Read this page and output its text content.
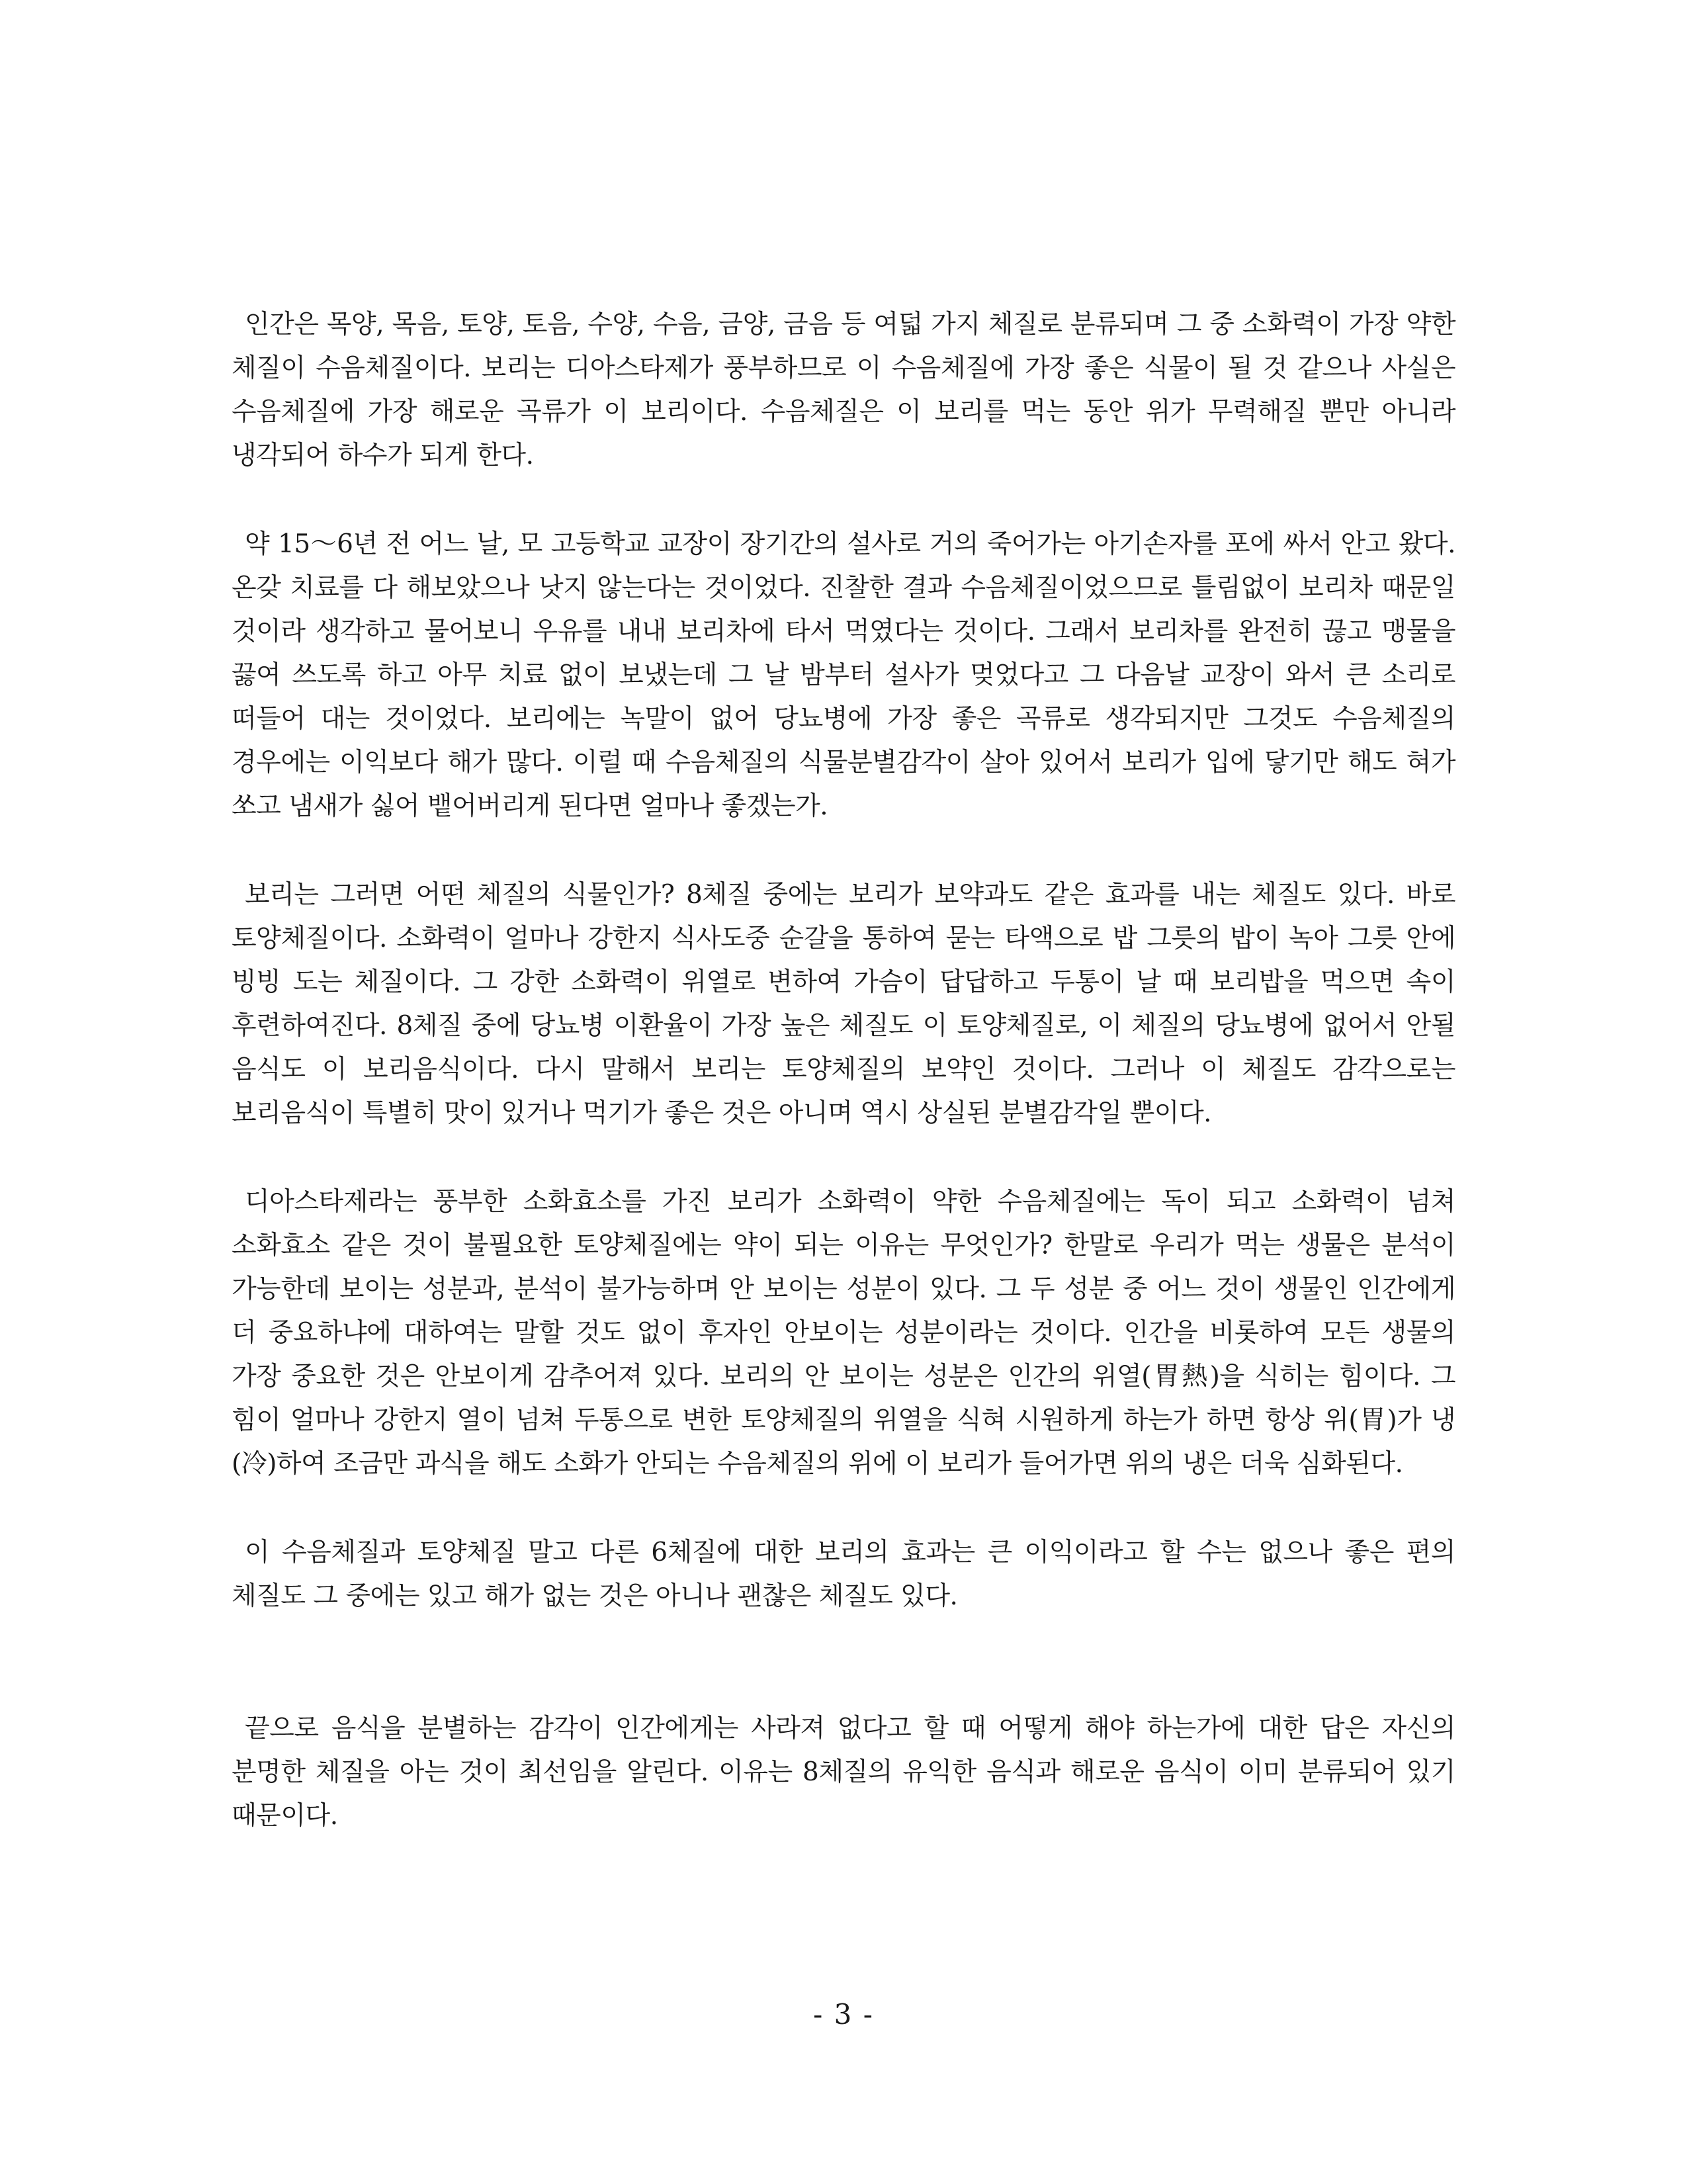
인간은 목양, 목음, 토양, 토음, 수양, 수음, 금양, 금음 등 여덟 가지 체질로 분류되며 그 중 소화력이 가장 약한 체질이 수음체질이다. 보리는 디아스타제가 풍부하므로 이 수음체질에 가장 좋은 식물이 될 것 같으나 사실은 수음체질에 가장 해로운 곡류가 이 보리이다. 수음체질은 이 보리를 먹는 동안 위가 무력해질 뿐만 아니라 냉각되어 하수가 되게 한다.

약 15～6년 전 어느 날, 모 고등학교 교장이 장기간의 설사로 거의 죽어가는 아기손자를 포에 싸서 안고 왔다. 온갖 치료를 다 해보았으나 낫지 않는다는 것이었다. 진찰한 결과 수음체질이었으므로 틀림없이 보리차 때문일 것이라 생각하고 물어보니 우유를 내내 보리차에 타서 먹였다는 것이다. 그래서 보리차를 완전히 끊고 맹물을 끓여 쓰도록 하고 아무 치료 없이 보냈는데 그 날 밤부터 설사가 멎었다고 그 다음날 교장이 와서 큰 소리로 떠들어 대는 것이었다. 보리에는 녹말이 없어 당뇨병에 가장 좋은 곡류로 생각되지만 그것도 수음체질의 경우에는 이익보다 해가 많다. 이럴 때 수음체질의 식물분별감각이 살아 있어서 보리가 입에 닿기만 해도 혀가 쏘고 냄새가 싫어 뱉어버리게 된다면 얼마나 좋겠는가.

보리는 그러면 어떤 체질의 식물인가? 8체질 중에는 보리가 보약과도 같은 효과를 내는 체질도 있다. 바로 토양체질이다. 소화력이 얼마나 강한지 식사도중 순갈을 통하여 묻는 타액으로 밥 그릇의 밥이 녹아 그릇 안에 빙빙 도는 체질이다. 그 강한 소화력이 위열로 변하여 가슴이 답답하고 두통이 날 때 보리밥을 먹으면 속이 후련하여진다. 8체질 중에 당뇨병 이환율이 가장 높은 체질도 이 토양체질로, 이 체질의 당뇨병에 없어서 안될 음식도 이 보리음식이다. 다시 말해서 보리는 토양체질의 보약인 것이다. 그러나 이 체질도 감각으로는 보리음식이 특별히 맛이 있거나 먹기가 좋은 것은 아니며 역시 상실된 분별감각일 뿐이다.

디아스타제라는 풍부한 소화효소를 가진 보리가 소화력이 약한 수음체질에는 독이 되고 소화력이 넘쳐 소화효소 같은 것이 불필요한 토양체질에는 약이 되는 이유는 무엇인가? 한말로 우리가 먹는 생물은 분석이 가능한데 보이는 성분과, 분석이 불가능하며 안 보이는 성분이 있다. 그 두 성분 중 어느 것이 생물인 인간에게 더 중요하냐에 대하여는 말할 것도 없이 후자인 안보이는 성분이라는 것이다. 인간을 비롯하여 모든 생물의 가장 중요한 것은 안보이게 감추어져 있다. 보리의 안 보이는 성분은 인간의 위열(胃熱)을 식히는 힘이다. 그 힘이 얼마나 강한지 열이 넘쳐 두통으로 변한 토양체질의 위열을 식혀 시원하게 하는가 하면 항상 위(胃)가 냉(冷)하여 조금만 과식을 해도 소화가 안되는 수음체질의 위에 이 보리가 들어가면 위의 냉은 더욱 심화된다.

이 수음체질과 토양체질 말고 다른 6체질에 대한 보리의 효과는 큰 이익이라고 할 수는 없으나 좋은 편의 체질도 그 중에는 있고 해가 없는 것은 아니나 괜찮은 체질도 있다.

끝으로 음식을 분별하는 감각이 인간에게는 사라져 없다고 할 때 어떻게 해야 하는가에 대한 답은 자신의 분명한 체질을 아는 것이 최선임을 알린다. 이유는 8체질의 유익한 음식과 해로운 음식이 이미 분류되어 있기 때문이다.

- 3 -
